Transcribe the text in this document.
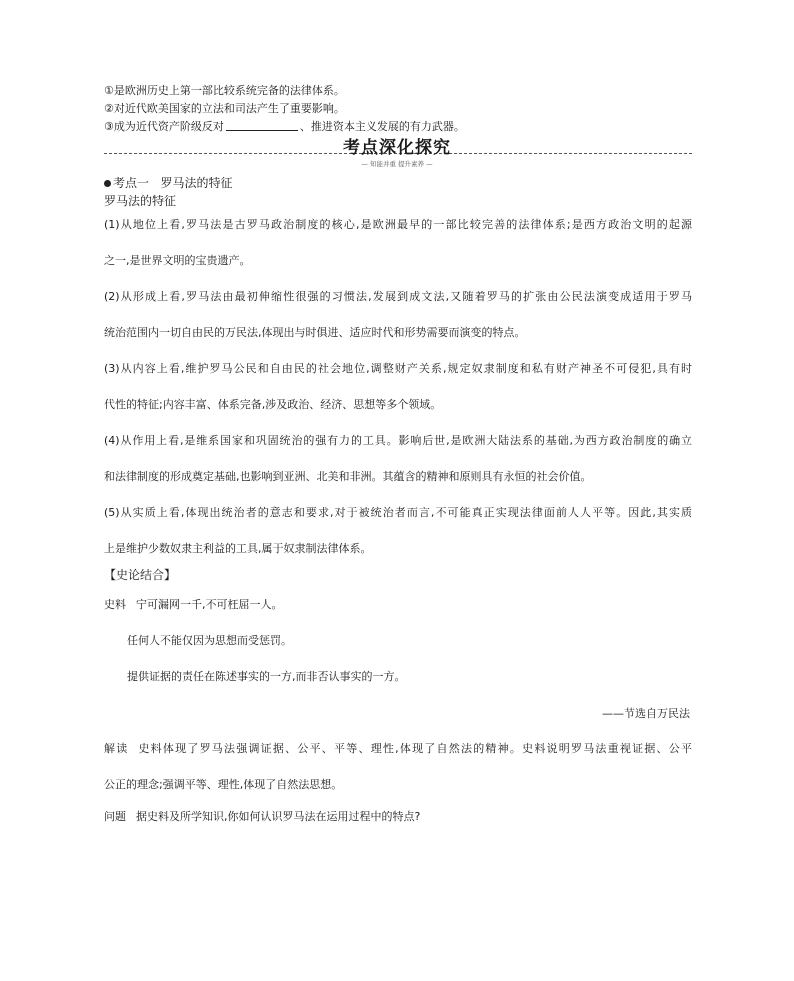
①是欧洲历史上第一部比较系统完备的法律体系。
②对近代欧美国家的立法和司法产生了重要影响。
③成为近代资产阶级反对	、推进资本主义发展的有力武器。
考点深化探究
— 知能并重 提升素养 —
考点一 罗马法的特征
罗马法的特征
(1)从地位上看,罗马法是古罗马政治制度的核心,是欧洲最早的一部比较完善的法律体系;是西方政治文明的起源
之一,是世界文明的宝贵遗产。
(2)从形成上看,罗马法由最初伸缩性很强的习惯法,发展到成文法,又随着罗马的扩张由公民法演变成适用于罗马
统治范围内一切自由民的万民法,体现出与时俱进、适应时代和形势需要而演变的特点。
(3)从内容上看,维护罗马公民和自由民的社会地位,调整财产关系,规定奴隶制度和私有财产神圣不可侵犯,具有时
代性的特征;内容丰富、体系完备,涉及政治、经济、思想等多个领域。
(4)从作用上看,是维系国家和巩固统治的强有力的工具。影响后世,是欧洲大陆法系的基础,为西方政治制度的确立
和法律制度的形成奠定基础,也影响到亚洲、北美和非洲。其蕴含的精神和原则具有永恒的社会价值。
(5)从实质上看,体现出统治者的意志和要求,对于被统治者而言,不可能真正实现法律面前人人平等。因此,其实质
上是维护少数奴隶主利益的工具,属于奴隶制法律体系。
【史论结合】
史料 宁可漏网一千,不可枉屈一人。
任何人不能仅因为思想而受惩罚。
提供证据的责任在陈述事实的一方,而非否认事实的一方。
——节选自万民法
解读 史料体现了罗马法强调证据、公平、平等、理性,体现了自然法的精神。史料说明罗马法重视证据、公平
公正的理念;强调平等、理性,体现了自然法思想。
问题 据史料及所学知识,你如何认识罗马法在运用过程中的特点?
